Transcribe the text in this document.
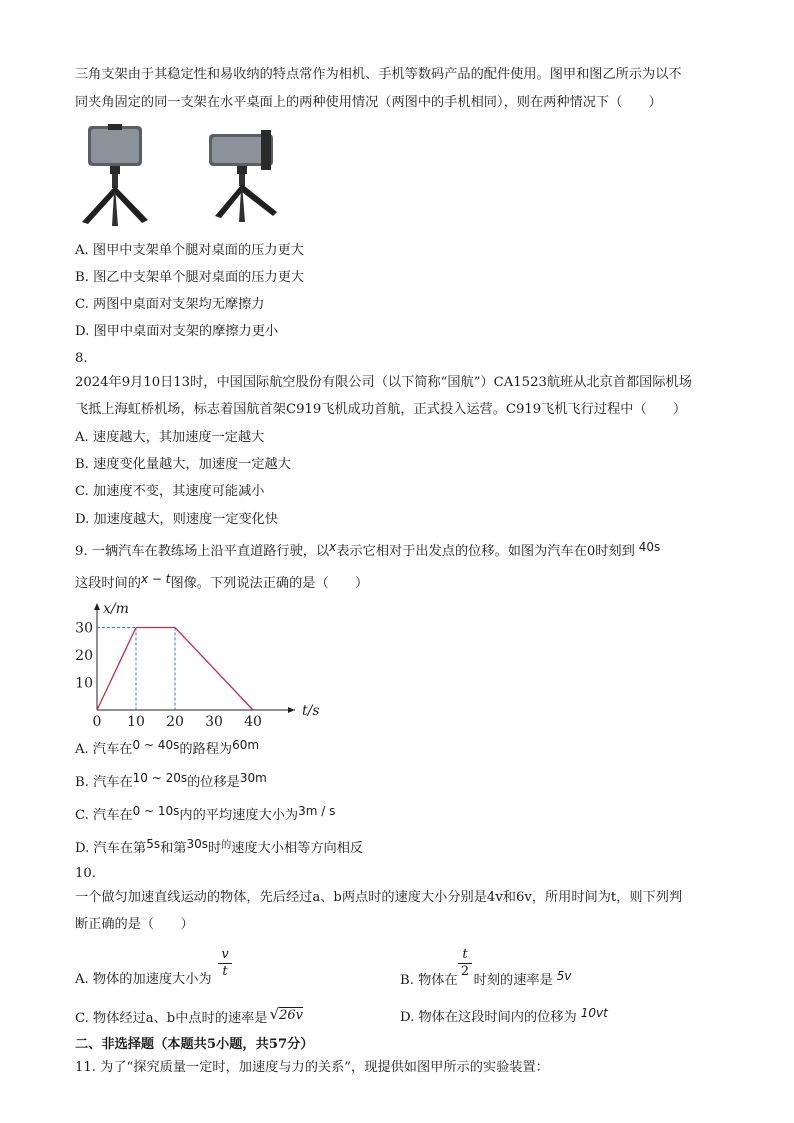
三角支架由于其稳定性和易收纳的特点常作为相机、手机等数码产品的配件使用。图甲和图乙所示为以不
同夹角固定的同一支架在水平桌面上的两种使用情况（两图中的手机相同），则在两种情况下（　　）
A. 图甲中支架单个腿对桌面的压力更大
B. 图乙中支架单个腿对桌面的压力更大
C. 两图中桌面对支架均无摩擦力
D. 图甲中桌面对支架的摩擦力更小
8.
2024年9月10日13时，中国国际航空股份有限公司（以下简称“国航”）CA1523航班从北京首都国际机场
飞抵上海虹桥机场，标志着国航首架C919飞机成功首航，正式投入运营。C919飞机飞行过程中（　　）
A. 速度越大，其加速度一定越大
B. 速度变化量越大，加速度一定越大
C. 加速度不变，其速度可能减小
D. 加速度越大，则速度一定变化快
9. 一辆汽车在教练场上沿平直道路行驶，以x表示它相对于出发点的位移。如图为汽车在0时刻到 40s
这段时间的x − t图像。下列说法正确的是（　　）
x/m
t/s
0 10 20 30 40
10
20
30
A. 汽车在0 ~ 40s的路程为60m
B. 汽车在10 ~ 20s的位移是30m
C. 汽车在0 ~ 10s内的平均速度大小为3m / s
D. 汽车在第5s和第30s时$^的$速度大小相等方向相反
10.
一个做匀加速直线运动的物体，先后经过a、b两点时的速度大小分别是4v和6v，所用时间为t，则下列判
断正确的是（　　）
A. 物体的加速度大小为 $\frac{v}{t}$
B. 物体在 时刻的速率是 5v
$\frac{t}{2}$
C. 物体经过a、b中点时的速率是 √26v	D. 物体在这段时间内的位移为 10vt
二、非选择题（本题共5小题，共57分）
11. 为了“探究质量一定时，加速度与力的关系”，现提供如图甲所示的实验装置：
